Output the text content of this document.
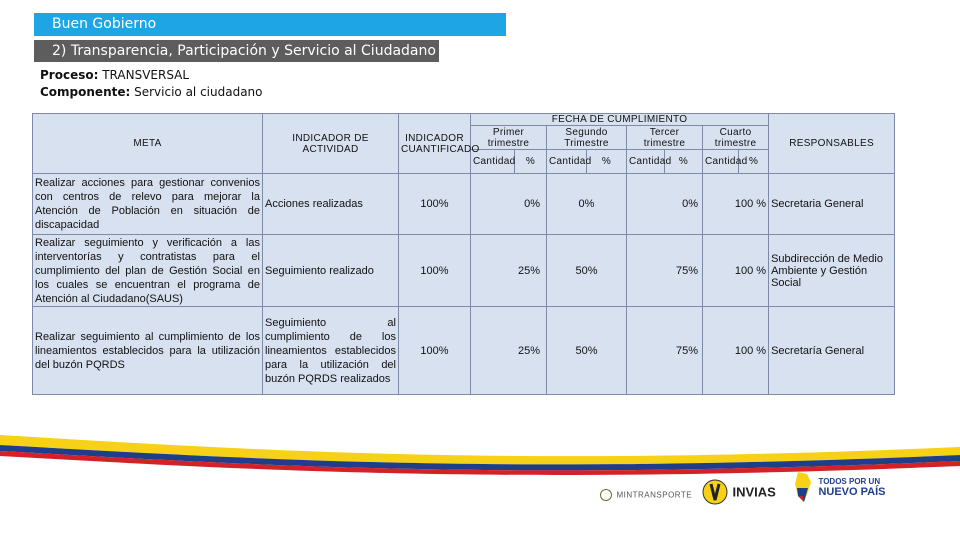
Buen Gobierno
2) Transparencia, Participación y Servicio al Ciudadano
Proceso: TRANSVERSAL
Componente: Servicio al ciudadano
META	INDICADOR DE ACTIVIDAD	INDICADOR CUANTIFICADO	FECHA DE CUMPLIMIENTO								RESPONSABLES
			Primer trimestre		Segundo Trimestre		Tercer trimestre		Cuarto trimestre		
			Cantidad	%	Cantidad	%	Cantidad	%	Cantidad	%	
Realizar acciones para gestionar convenios con centros de relevo para mejorar la Atención de Población en situación de discapacidad	Acciones realizadas	100%	0%		0%		0%		100 %		Secretaria General
Realizar seguimiento y verificación a las interventorías y contratistas para el cumplimiento del plan de Gestión Social en los cuales se encuentran el programa de Atención al Ciudadano(SAUS)	Seguimiento realizado	100%	25%		50%		75%		100 %		Subdirección de Medio Ambiente y Gestión Social
Realizar seguimiento al cumplimiento de los lineamientos establecidos para la utilización del buzón PQRDS	Seguimiento al cumplimiento de los lineamientos establecidos para la utilización del buzón PQRDS realizados	100%	25%		50%		75%		100 %		Secretaría General
MINTRANSPORTE	INVIAS

TODOS POR UN
NUEVO PAÍS
